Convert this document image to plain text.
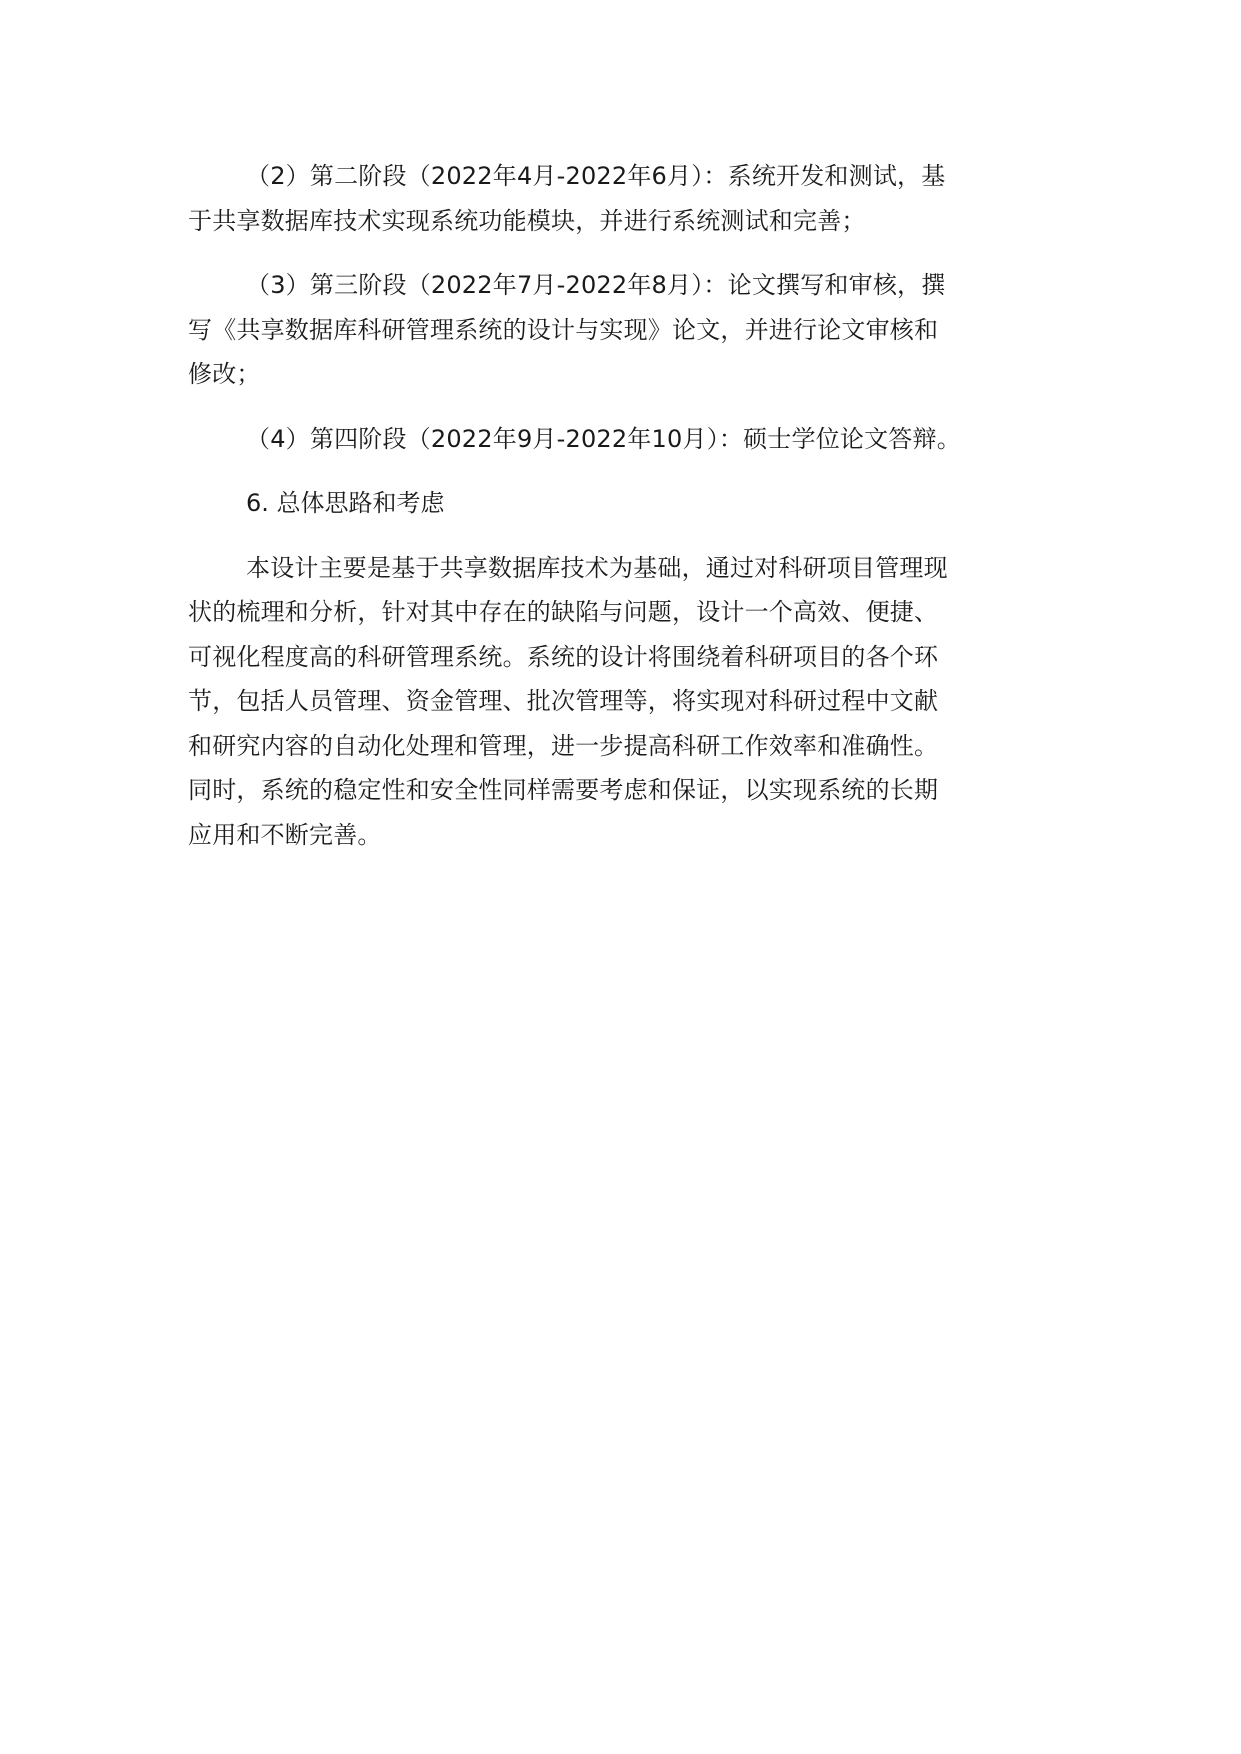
（2）第二阶段（2022年4月-2022年6月）：系统开发和测试，基
于共享数据库技术实现系统功能模块，并进行系统测试和完善；
（3）第三阶段（2022年7月-2022年8月）：论文撰写和审核，撰
写《共享数据库科研管理系统的设计与实现》论文，并进行论文审核和
修改；
（4）第四阶段（2022年9月-2022年10月）：硕士学位论文答辩。
6. 总体思路和考虑
本设计主要是基于共享数据库技术为基础，通过对科研项目管理现
状的梳理和分析，针对其中存在的缺陷与问题，设计一个高效、便捷、
可视化程度高的科研管理系统。系统的设计将围绕着科研项目的各个环
节，包括人员管理、资金管理、批次管理等，将实现对科研过程中文献
和研究内容的自动化处理和管理，进一步提高科研工作效率和准确性。
同时，系统的稳定性和安全性同样需要考虑和保证，以实现系统的长期
应用和不断完善。
